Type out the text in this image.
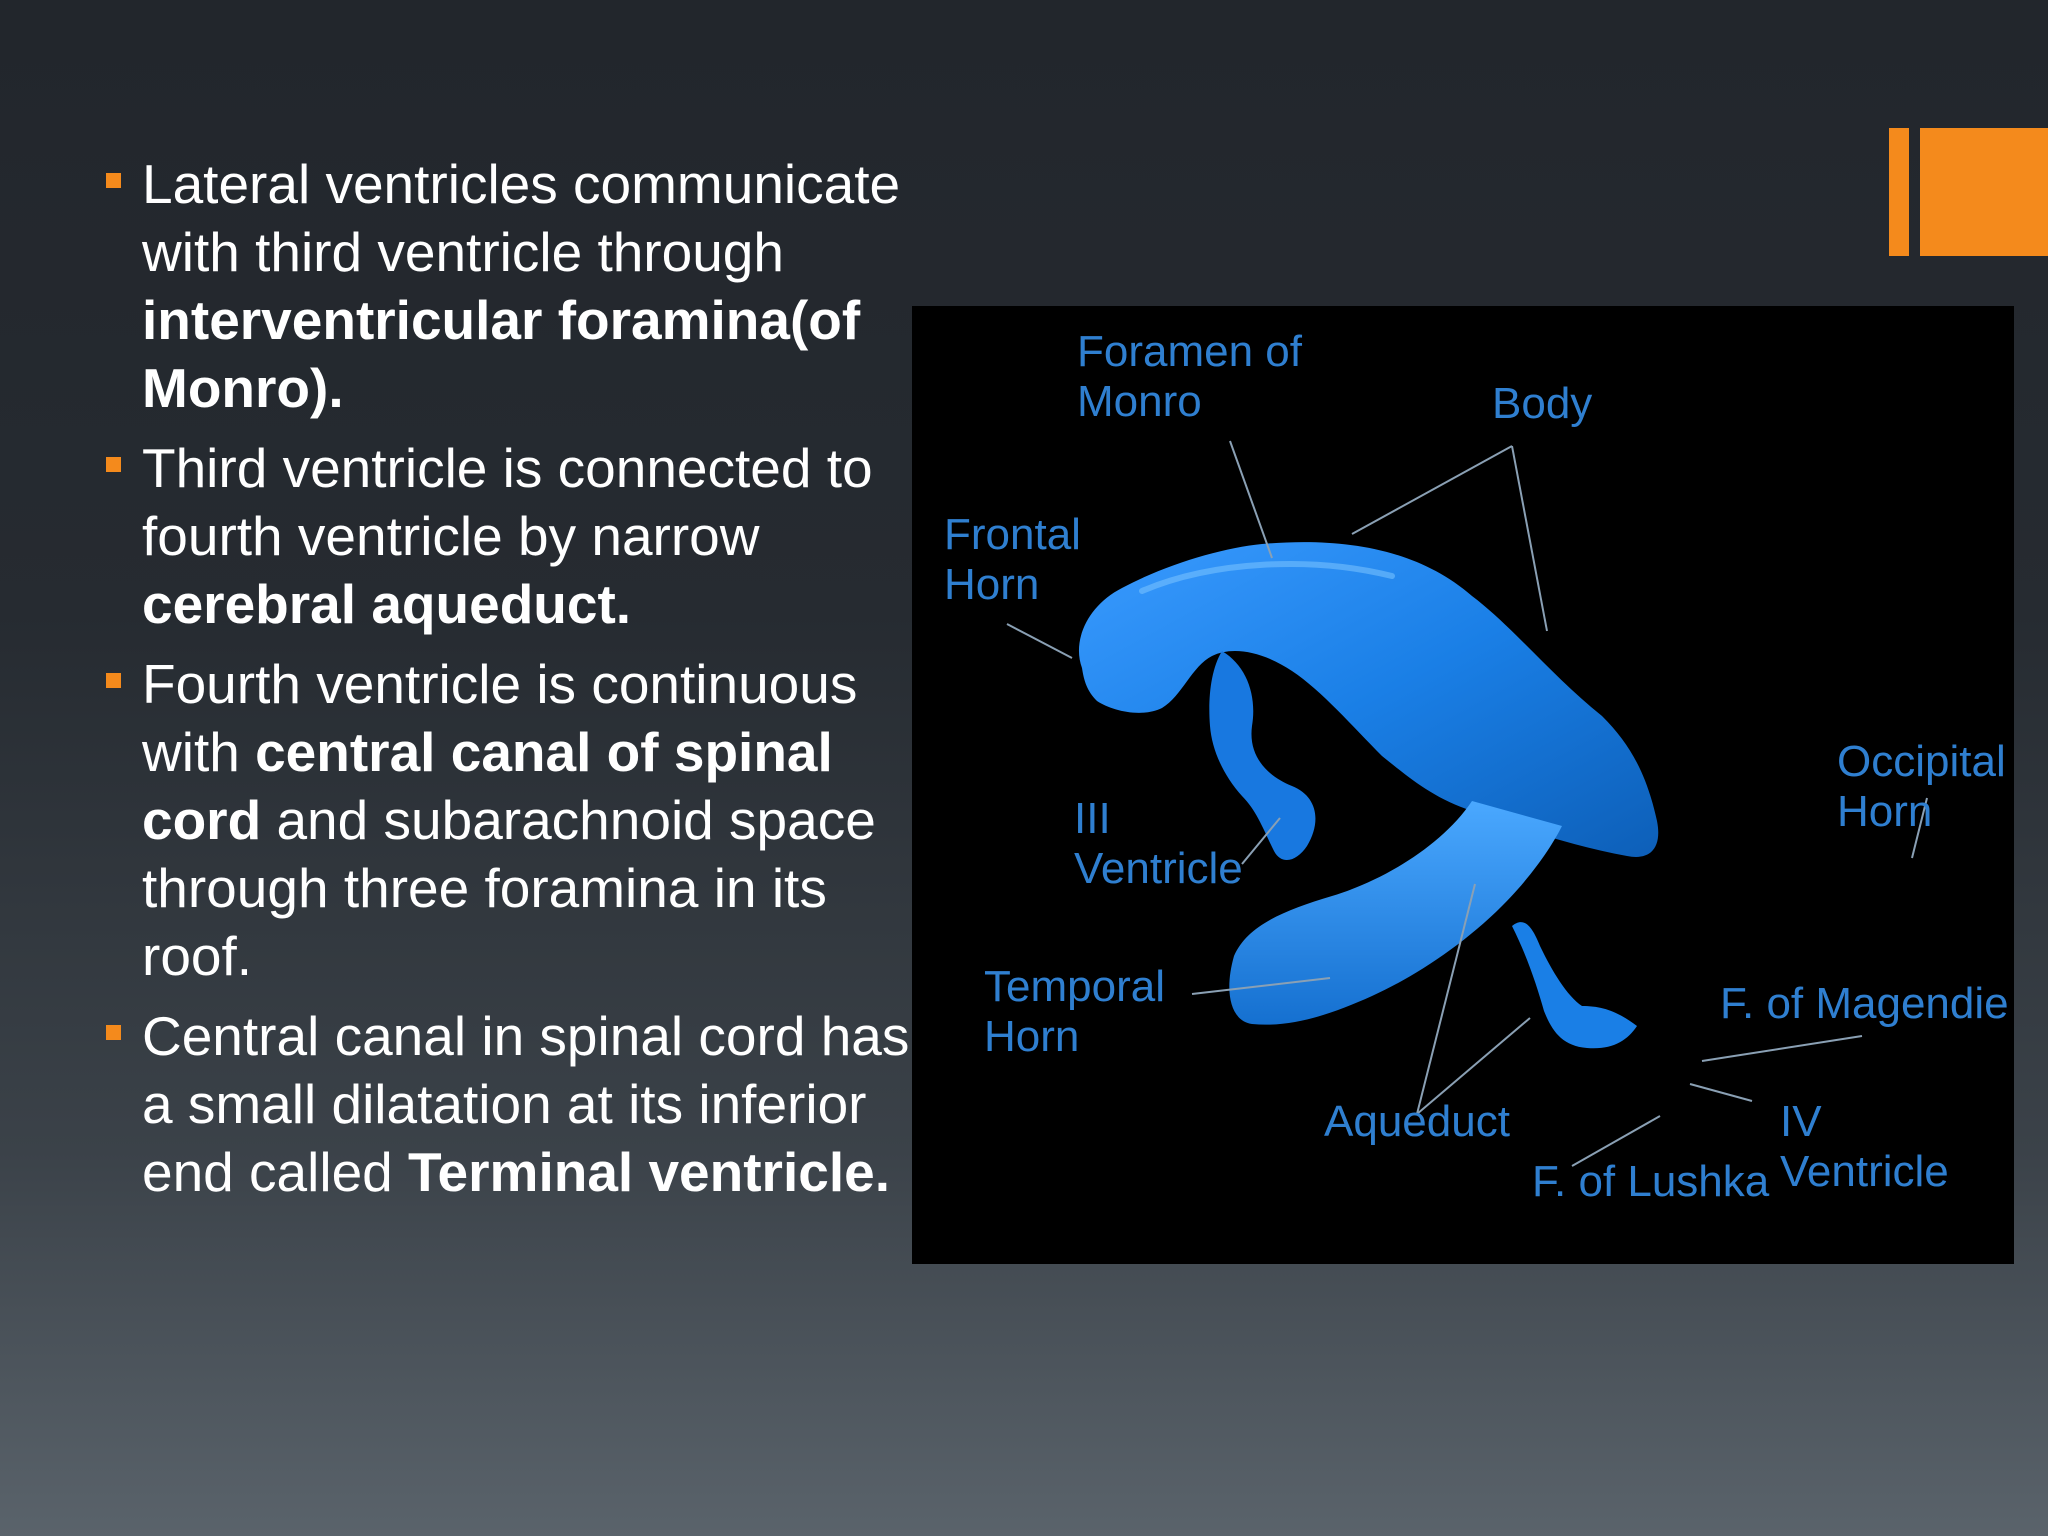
Lateral ventricles communicate with third ventricle through interventricular foramina(of Monro).
Third ventricle is connected to fourth ventricle by narrow cerebral aqueduct.
Fourth ventricle is continuous with central canal of spinal cord and subarachnoid space through three foramina in its roof.
Central canal in spinal cord has a small dilatation at its inferior end called Terminal ventricle.
Foramen of
Monro	Body
Frontal
Horn
Occipital
Horn
III
Ventricle
Temporal
Horn
F. of Magendie
Aqueduct	IV
Ventricle
F. of Lushka
